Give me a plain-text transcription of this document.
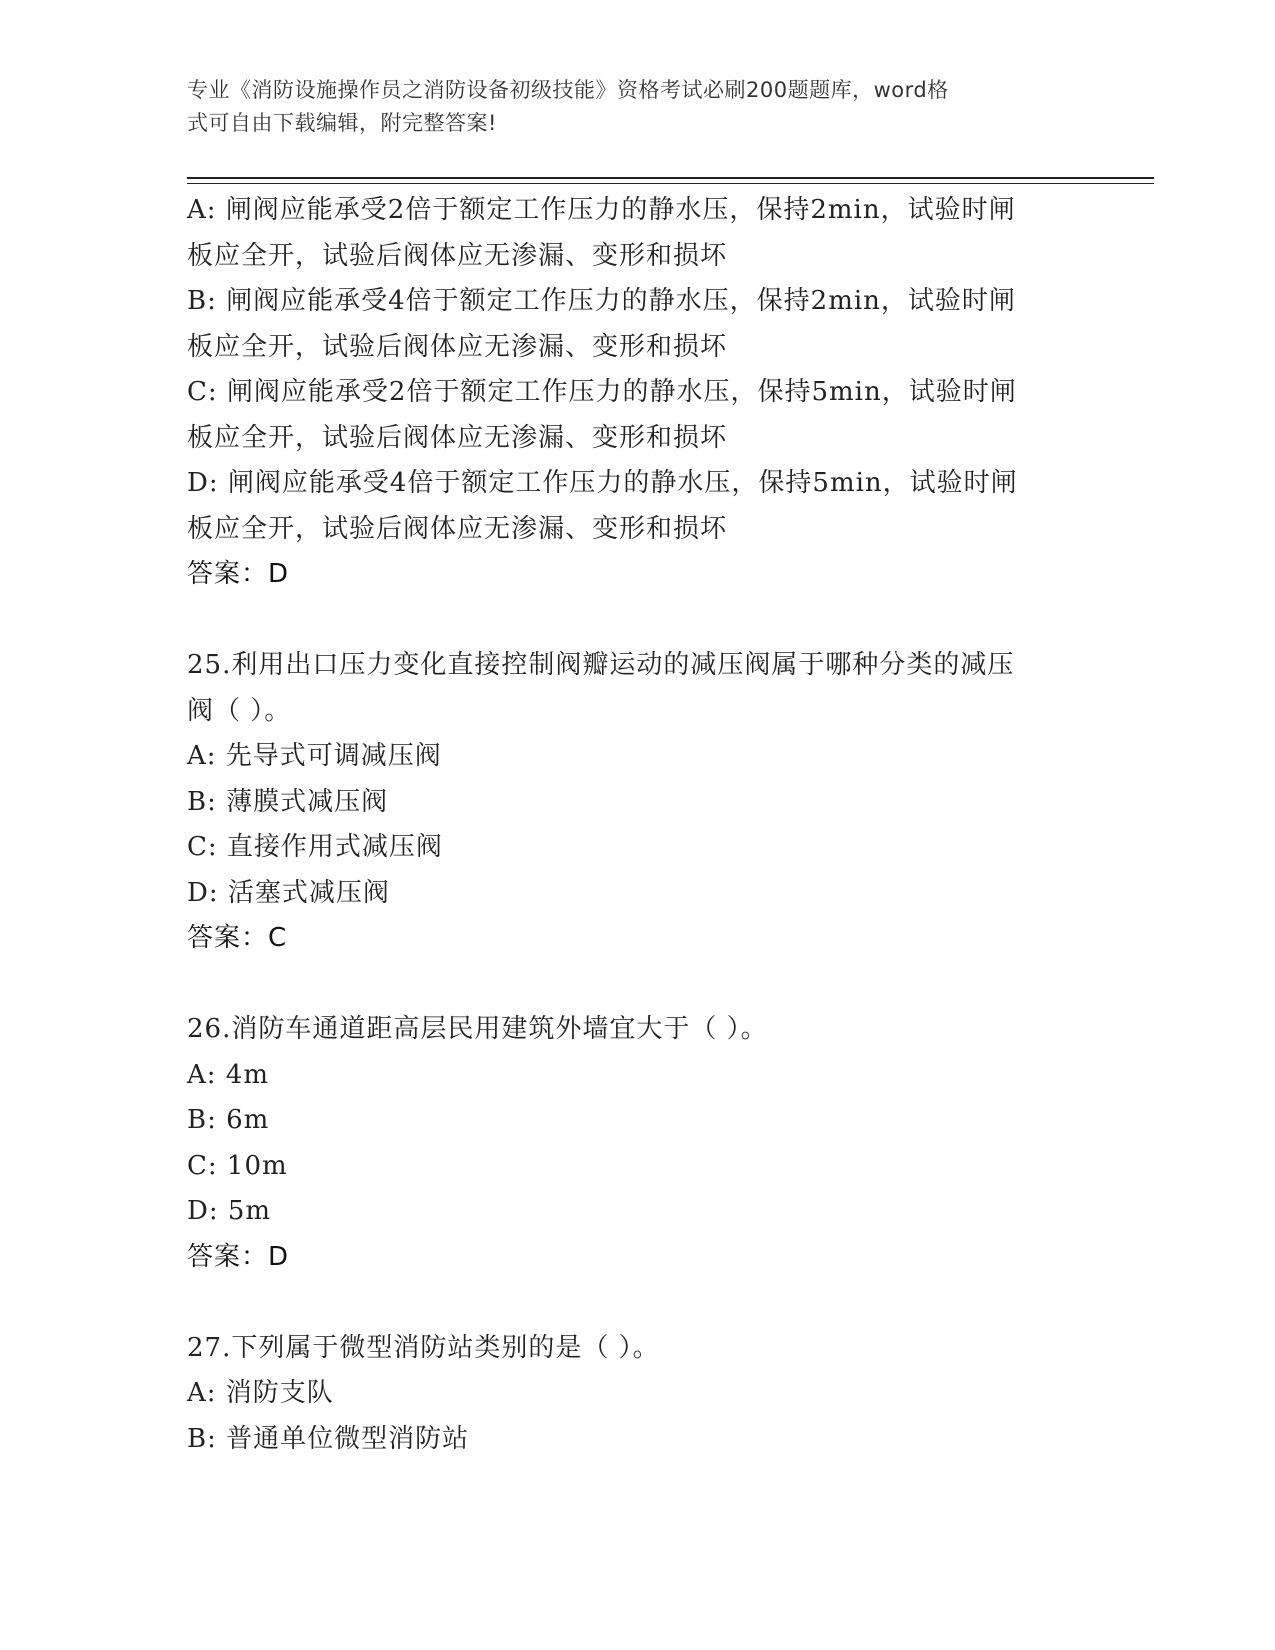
专业《消防设施操作员之消防设备初级技能》资格考试必刷200题题库，word格
式可自由下载编辑，附完整答案!
A: 闸阀应能承受2倍于额定工作压力的静水压，保持2min，试验时闸
板应全开，试验后阀体应无渗漏、变形和损坏
B: 闸阀应能承受4倍于额定工作压力的静水压，保持2min，试验时闸
板应全开，试验后阀体应无渗漏、变形和损坏
C: 闸阀应能承受2倍于额定工作压力的静水压，保持5min，试验时闸
板应全开，试验后阀体应无渗漏、变形和损坏
D: 闸阀应能承受4倍于额定工作压力的静水压，保持5min，试验时闸
板应全开，试验后阀体应无渗漏、变形和损坏
答案：D
25.利用出口压力变化直接控制阀瓣运动的减压阀属于哪种分类的减压
阀（ ）。
A: 先导式可调减压阀
B: 薄膜式减压阀
C: 直接作用式减压阀
D: 活塞式减压阀
答案：C
26.消防车通道距高层民用建筑外墙宜大于（ ）。
A: 4m
B: 6m
C: 10m
D: 5m
答案：D
27.下列属于微型消防站类别的是（ ）。
A: 消防支队
B: 普通单位微型消防站
